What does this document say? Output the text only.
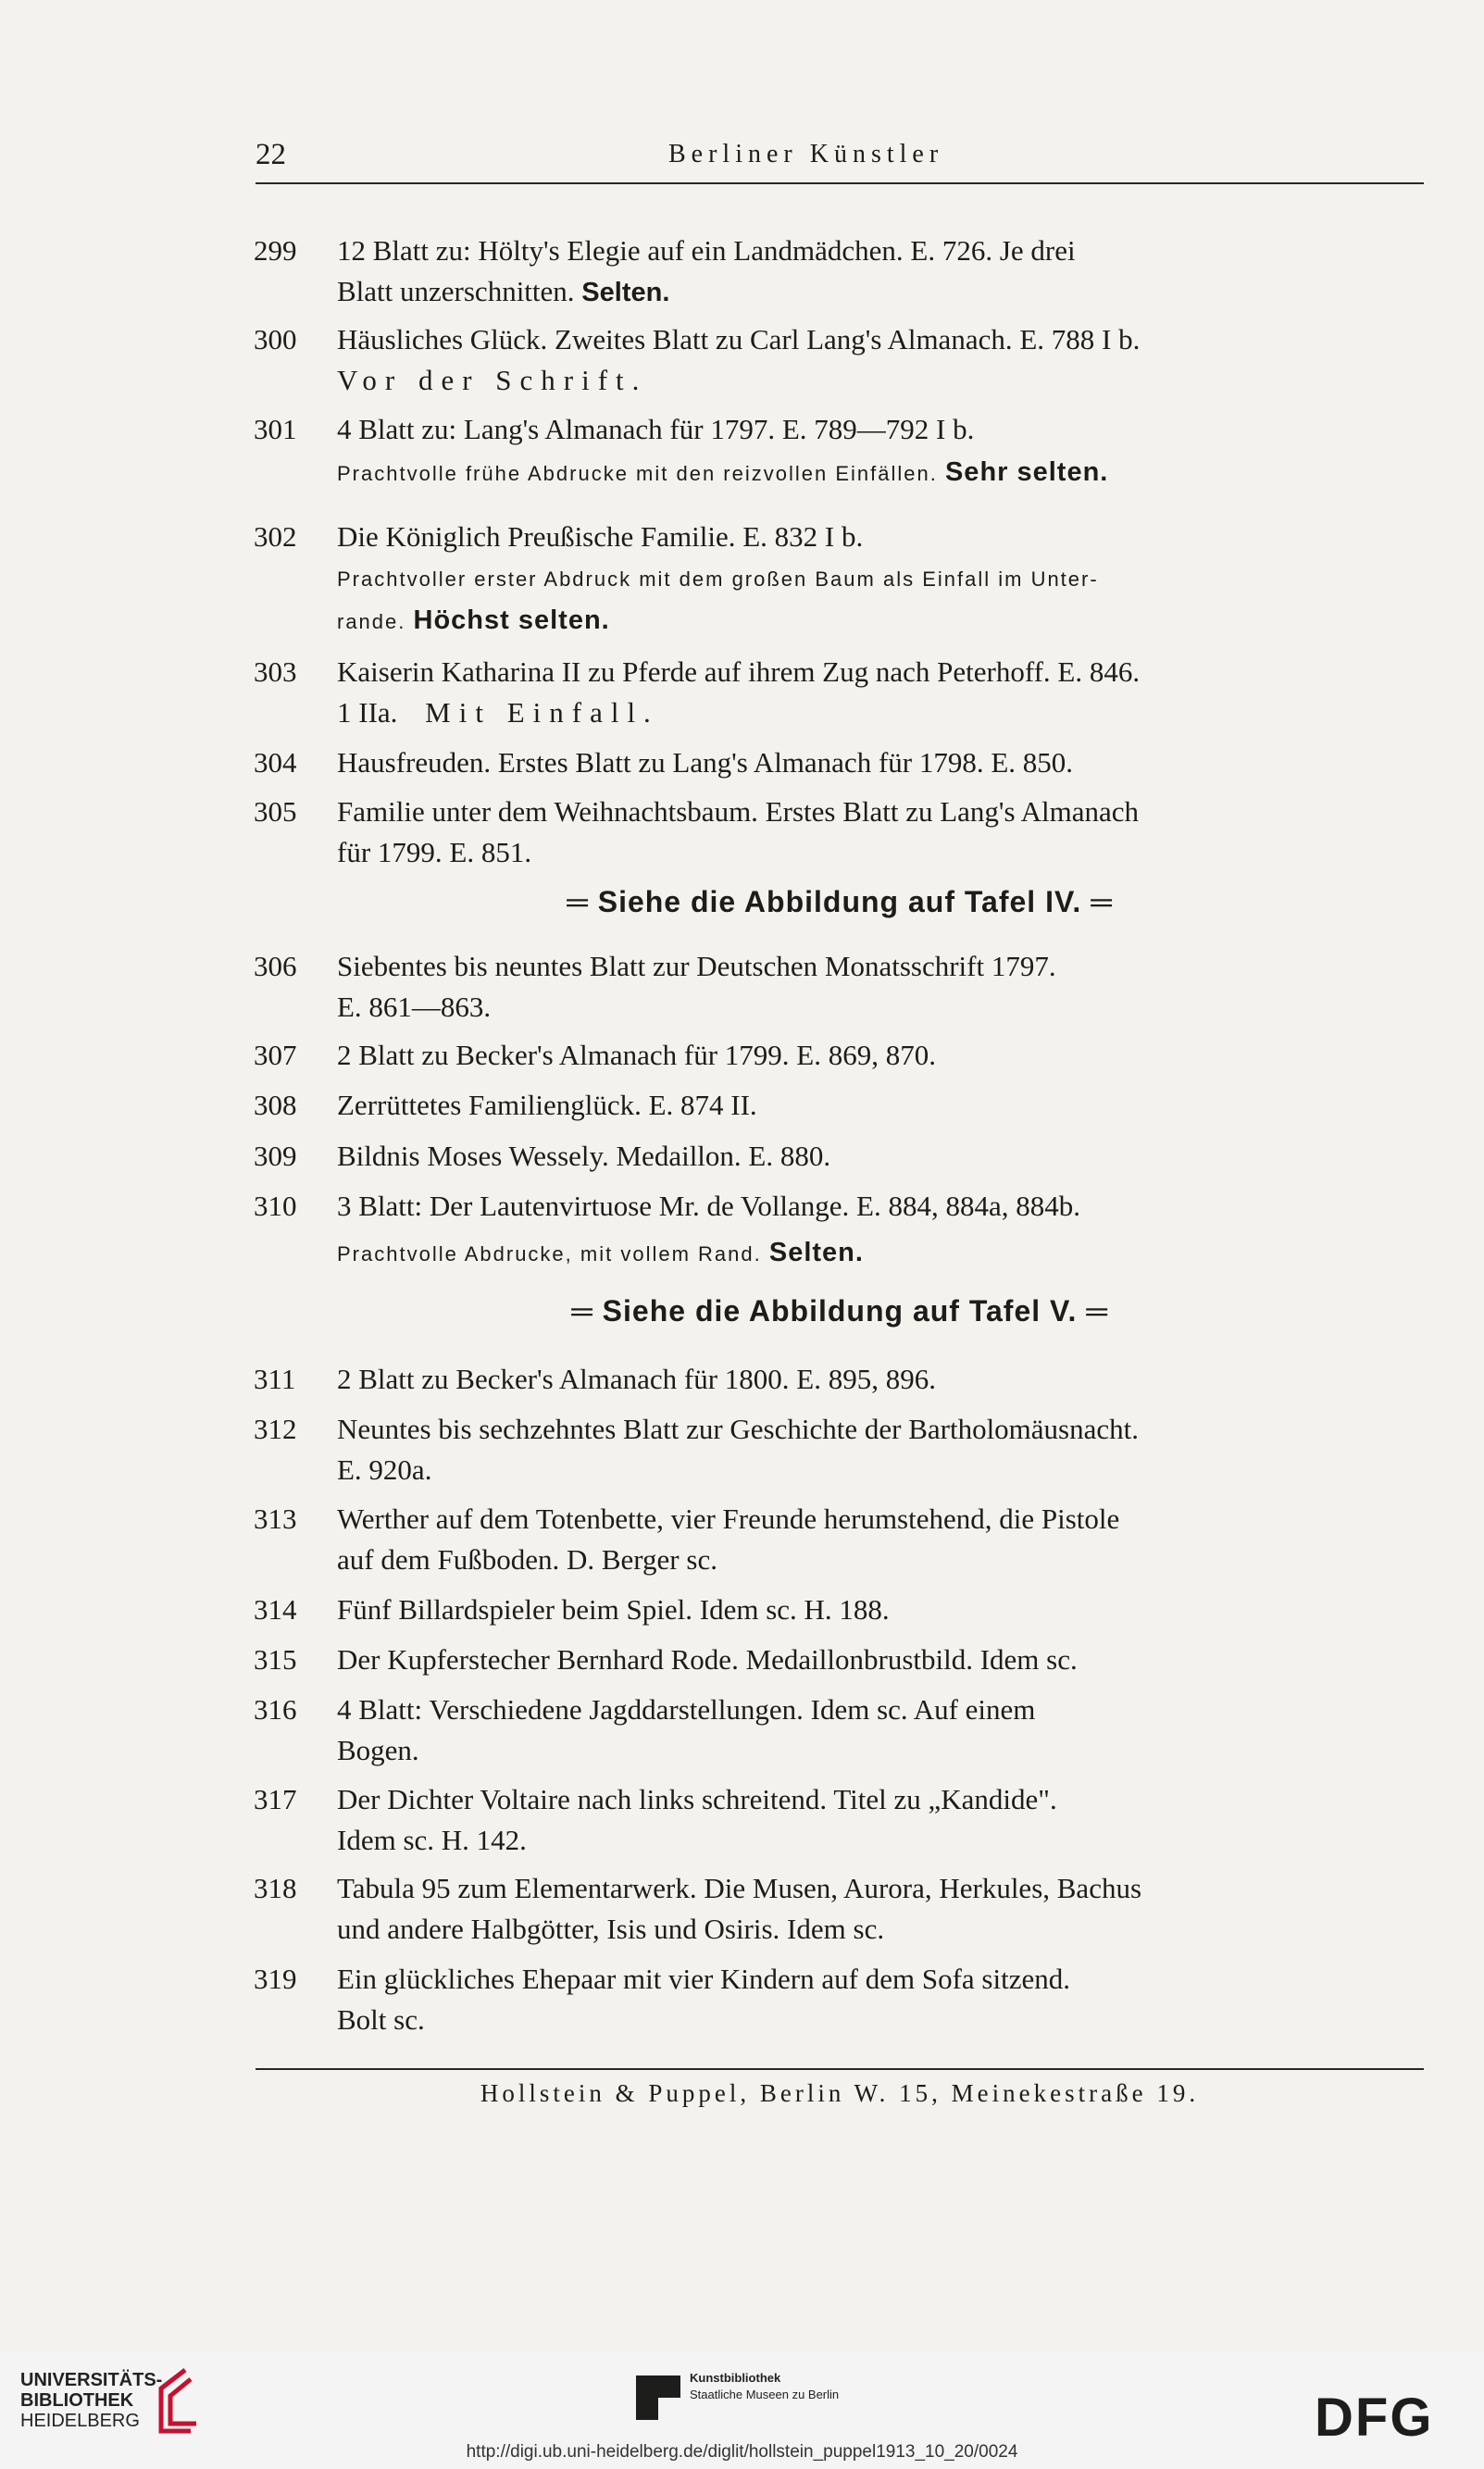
22	Berliner Künstler
299	12 Blatt zu: Hölty's Elegie auf ein Landmädchen. E. 726. Je drei
Blatt unzerschnitten. Selten.
300	Häusliches Glück. Zweites Blatt zu Carl Lang's Almanach. E. 788 I b.
Vor der Schrift.
301	4 Blatt zu: Lang's Almanach für 1797. E. 789—792 I b.
Prachtvolle frühe Abdrucke mit den reizvollen Einfällen. Sehr selten.
302	Die Königlich Preußische Familie. E. 832 I b.
Prachtvoller erster Abdruck mit dem großen Baum als Einfall im Unter-
rande. Höchst selten.
303	Kaiserin Katharina II zu Pferde auf ihrem Zug nach Peterhoff. E. 846.
1 IIa. Mit Einfall.
304	Hausfreuden. Erstes Blatt zu Lang's Almanach für 1798. E. 850.
305	Familie unter dem Weihnachtsbaum. Erstes Blatt zu Lang's Almanach
für 1799. E. 851.
═ Siehe die Abbildung auf Tafel IV. ═
306	Siebentes bis neuntes Blatt zur Deutschen Monatsschrift 1797.
E. 861—863.
307	2 Blatt zu Becker's Almanach für 1799. E. 869, 870.
308	Zerrüttetes Familienglück. E. 874 II.
309	Bildnis Moses Wessely. Medaillon. E. 880.
310	3 Blatt: Der Lautenvirtuose Mr. de Vollange. E. 884, 884a, 884b.
Prachtvolle Abdrucke, mit vollem Rand. Selten.
═ Siehe die Abbildung auf Tafel V. ═
311	2 Blatt zu Becker's Almanach für 1800. E. 895, 896.
312	Neuntes bis sechzehntes Blatt zur Geschichte der Bartholomäusnacht.
E. 920a.
313	Werther auf dem Totenbette, vier Freunde herumstehend, die Pistole
auf dem Fußboden. D. Berger sc.
314	Fünf Billardspieler beim Spiel. Idem sc. H. 188.
315	Der Kupferstecher Bernhard Rode. Medaillonbrustbild. Idem sc.
316	4 Blatt: Verschiedene Jagddarstellungen. Idem sc. Auf einem
Bogen.
317	Der Dichter Voltaire nach links schreitend. Titel zu „Kandide".
Idem sc. H. 142.
318	Tabula 95 zum Elementarwerk. Die Musen, Aurora, Herkules, Bachus
und andere Halbgötter, Isis und Osiris. Idem sc.
319	Ein glückliches Ehepaar mit vier Kindern auf dem Sofa sitzend.
Bolt sc.
Hollstein & Puppel, Berlin W. 15, Meinekestraße 19.
UNIVERSITÄTS-
BIBLIOTHEK
HEIDELBERG
Kunstbibliothek
Staatliche Museen zu Berlin	DFG
http://digi.ub.uni-heidelberg.de/diglit/hollstein_puppel1913_10_20/0024
